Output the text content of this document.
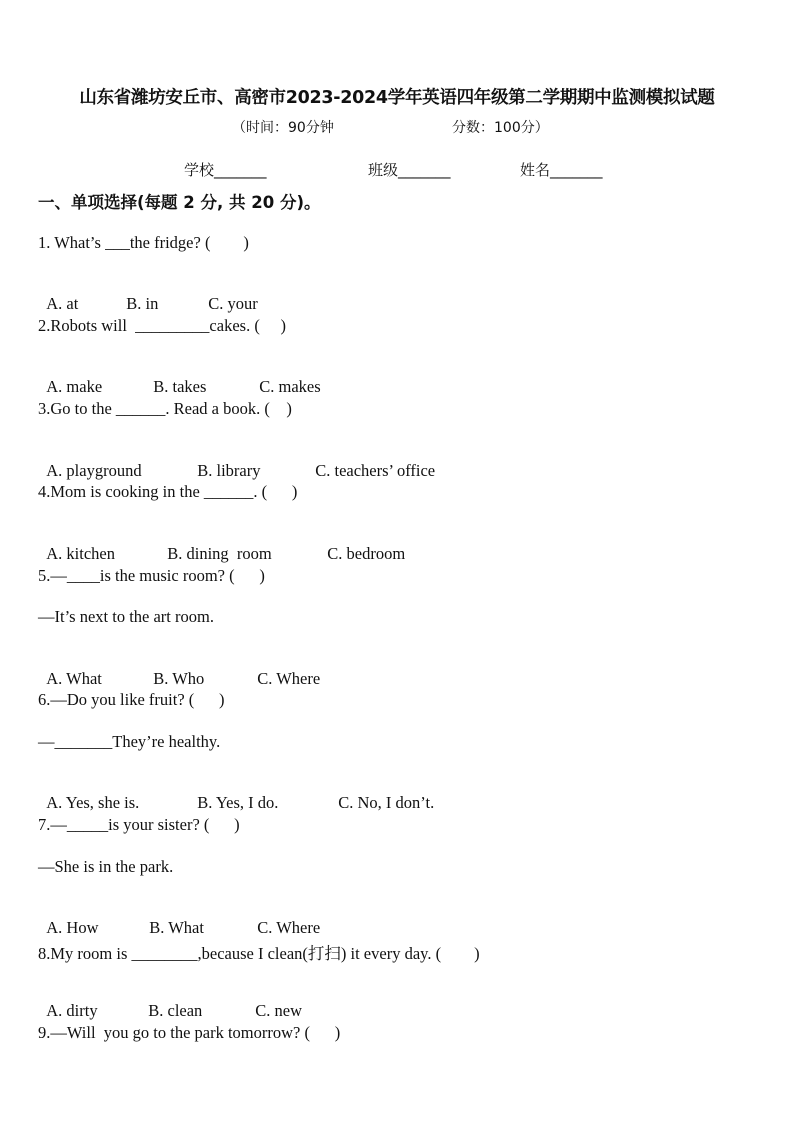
山东省潍坊安丘市、高密市2023-2024学年英语四年级第二学期期中监测模拟试题
（时间：90分钟	分数：100分）
学校_______	班级_______	姓名_______
一、单项选择(每题 2 分, 共 20 分)。
1. What’s ___the fridge? (        )

A. at	B. in	C. your

2.Robots will  _________cakes. (     )

A. make	B. takes	C. makes

3.Go to the ______. Read a book. (    )

A. playground	B. library	C. teachers’ office

4.Mom is cooking in the ______. (      )

A. kitchen	B. dining  room	C. bedroom

5.—____is the music room? (      )
—It’s next to the art room.

A. What	B. Who	C. Where

6.—Do you like fruit? (      )
—_______They’re healthy.

A. Yes, she is.	B. Yes, I do.	C. No, I don’t.

7.—_____is your sister? (      )
—She is in the park.

A. How	B. What	C. Where

8.My room is ________,because I clean(打扫) it every day. (        )

A. dirty	B. clean	C. new

9.—Will  you go to the park tomorrow? (      )
